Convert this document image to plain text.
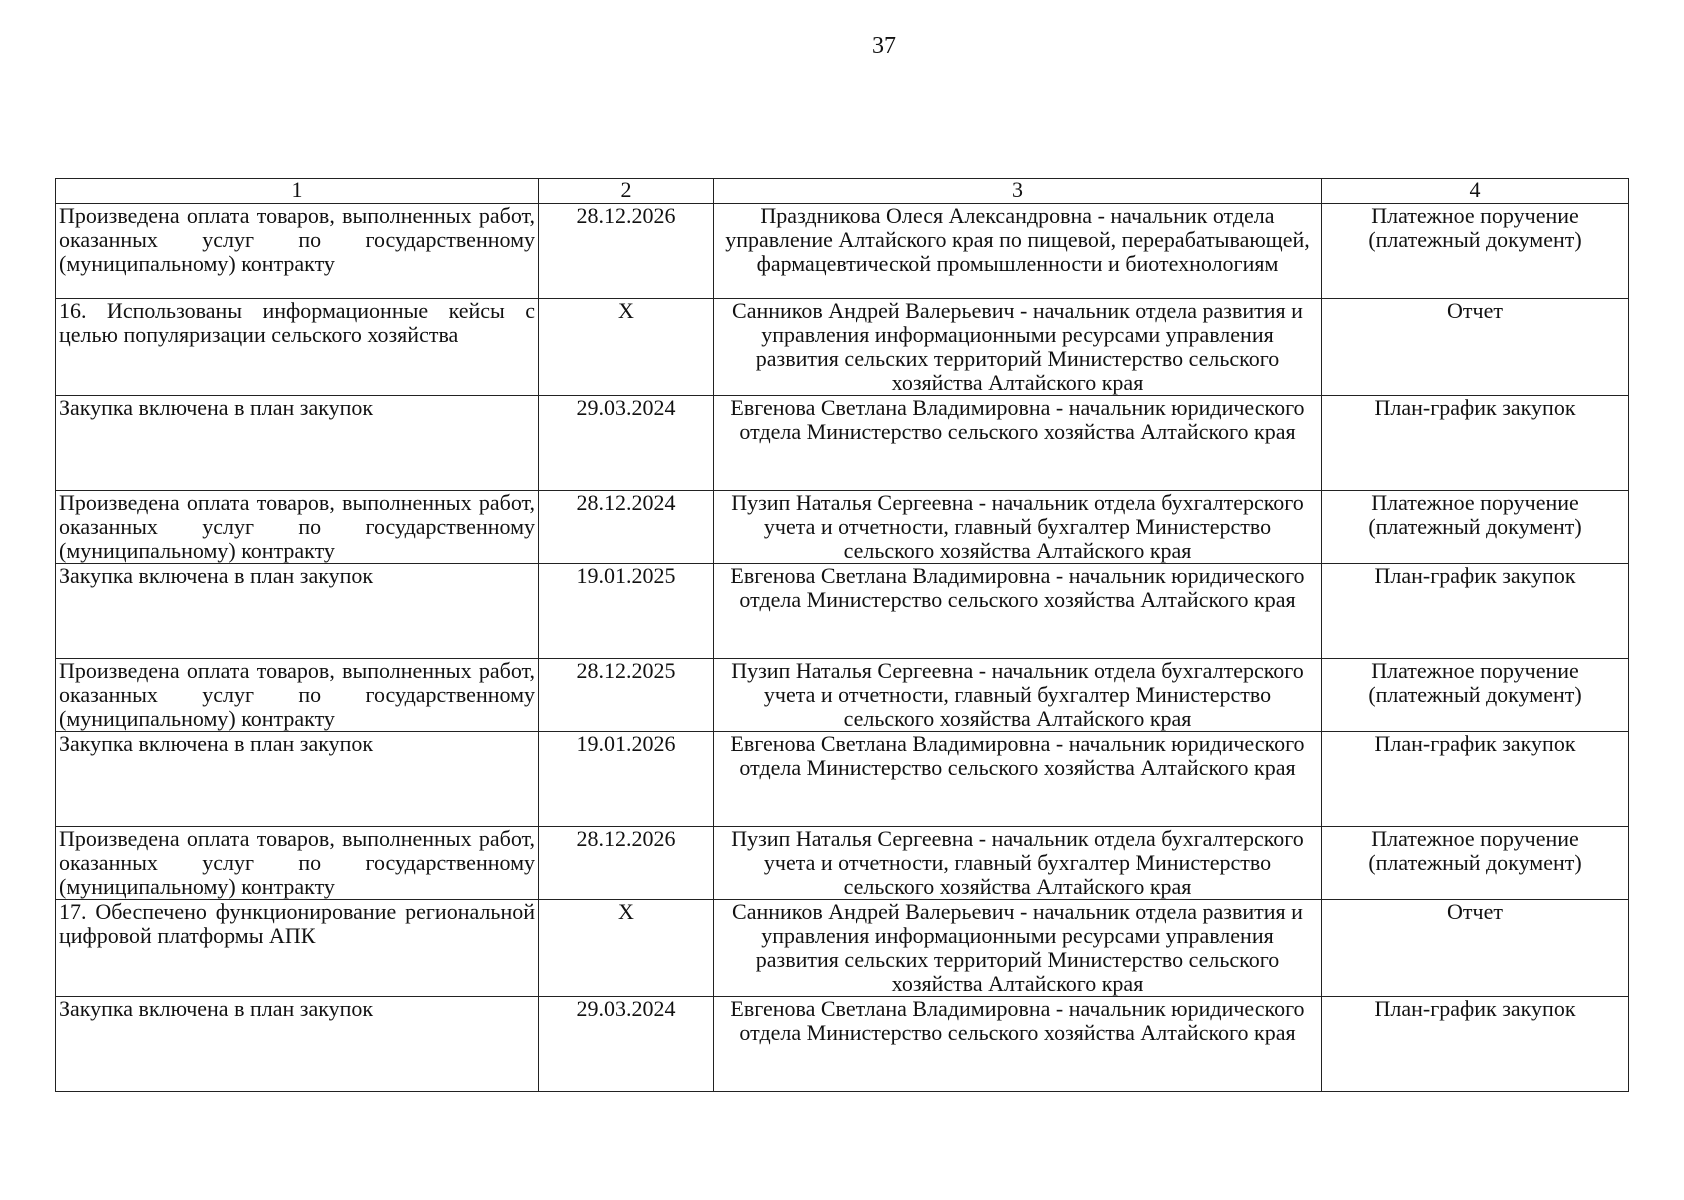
37
1	2	3	4
Произведена оплата товаров, выполненных работ, оказанных услуг по государственному (муниципальному) контракту	28.12.2026	Праздникова Олеся Александровна - начальник отдела управление Алтайского края по пищевой, перерабатывающей, фармацевтической промышленности и биотехнологиям	Платежное поручение (платежный документ)
16. Использованы информационные кейсы с целью популяризации сельского хозяйства	Х	Санников Андрей Валерьевич - начальник отдела развития и управления информационными ресурсами управления развития сельских территорий Министерство сельского хозяйства Алтайского края	Отчет
Закупка включена в план закупок	29.03.2024	Евгенова Светлана Владимировна - начальник юридического отдела Министерство сельского хозяйства Алтайского края	План-график закупок
Произведена оплата товаров, выполненных работ, оказанных услуг по государственному (муниципальному) контракту	28.12.2024	Пузип Наталья Сергеевна - начальник отдела бухгалтерского учета и отчетности, главный бухгалтер Министерство сельского хозяйства Алтайского края	Платежное поручение (платежный документ)
Закупка включена в план закупок	19.01.2025	Евгенова Светлана Владимировна - начальник юридического отдела Министерство сельского хозяйства Алтайского края	План-график закупок
Произведена оплата товаров, выполненных работ, оказанных услуг по государственному (муниципальному) контракту	28.12.2025	Пузип Наталья Сергеевна - начальник отдела бухгалтерского учета и отчетности, главный бухгалтер Министерство сельского хозяйства Алтайского края	Платежное поручение (платежный документ)
Закупка включена в план закупок	19.01.2026	Евгенова Светлана Владимировна - начальник юридического отдела Министерство сельского хозяйства Алтайского края	План-график закупок
Произведена оплата товаров, выполненных работ, оказанных услуг по государственному (муниципальному) контракту	28.12.2026	Пузип Наталья Сергеевна - начальник отдела бухгалтерского учета и отчетности, главный бухгалтер Министерство сельского хозяйства Алтайского края	Платежное поручение (платежный документ)
17. Обеспечено функционирование региональной цифровой платформы АПК	Х	Санников Андрей Валерьевич - начальник отдела развития и управления информационными ресурсами управления развития сельских территорий Министерство сельского хозяйства Алтайского края	Отчет
Закупка включена в план закупок	29.03.2024	Евгенова Светлана Владимировна - начальник юридического отдела Министерство сельского хозяйства Алтайского края	План-график закупок
